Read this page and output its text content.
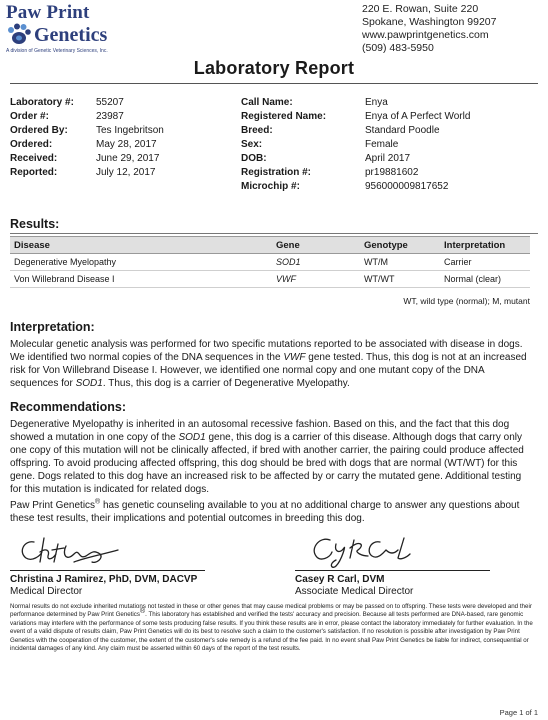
Paw Print
Genetics
A division of Genetic Veterinary Sciences, Inc.
220 E. Rowan, Suite 220
Spokane, Washington 99207
www.pawprintgenetics.com
(509) 483-5950
Laboratory Report
Laboratory #:	55207
Order #:	23987
Ordered By:	Tes Ingebritson
Ordered:	May 28, 2017
Received:	June 29, 2017
Reported:	July 12, 2017
Call Name:	Enya
Registered Name:	Enya of A Perfect World
Breed:	Standard Poodle
Sex:	Female
DOB:	April 2017
Registration #:	pr19881602
Microchip #:	956000009817652
Results:
Disease	Gene	Genotype	Interpretation
Degenerative Myelopathy	SOD1	WT/M	Carrier
Von Willebrand Disease I	VWF	WT/WT	Normal (clear)
WT, wild type (normal); M, mutant
Interpretation:
Molecular genetic analysis was performed for two specific mutations reported to be associated with disease in dogs. We identified two normal copies of the DNA sequences in the VWF gene tested. Thus, this dog is not at an increased risk for Von Willebrand Disease I. However, we identified one normal copy and one mutant copy of the DNA sequences for SOD1. Thus, this dog is a carrier of Degenerative Myelopathy.
Recommendations:
Degenerative Myelopathy is inherited in an autosomal recessive fashion. Based on this, and the fact that this dog showed a mutation in one copy of the SOD1 gene, this dog is a carrier of this disease. Although dogs that carry only one copy of this mutation will not be clinically affected, if bred with another carrier, the pairing could produce affected offspring. To avoid producing affected offspring, this dog should be bred with dogs that are normal (WT/WT) for this gene. Dogs related to this dog have an increased risk to be affected by or carry the mutated gene. Additional testing for this mutation is indicated for related dogs.
Paw Print Genetics® has genetic counseling available to you at no additional charge to answer any questions about these test results, their implications and potential outcomes in breeding this dog.
Christina J Ramirez, PhD, DVM, DACVP
Medical Director
Casey R Carl, DVM
Associate Medical Director
Normal results do not exclude inherited mutations not tested in these or other genes that may cause medical problems or may be passed on to offspring. These tests were developed and their performance determined by Paw Print Genetics®. This laboratory has established and verified the tests' accuracy and precision. Because all tests performed are DNA-based, rare genomic variations may interfere with the performance of some tests producing false results. If you think these results are in error, please contact the laboratory immediately for further evaluation. In the event of a valid dispute of results claim, Paw Print Genetics will do its best to resolve such a claim to the customer's satisfaction. If no resolution is possible after investigation by Paw Print Genetics with the cooperation of the customer, the extent of the customer's sole remedy is a refund of the fee paid. In no event shall Paw Print Genetics be liable for indirect, consequential or incidental damages of any kind. Any claim must be asserted within 60 days of the report of the test results.
Page 1 of 1
